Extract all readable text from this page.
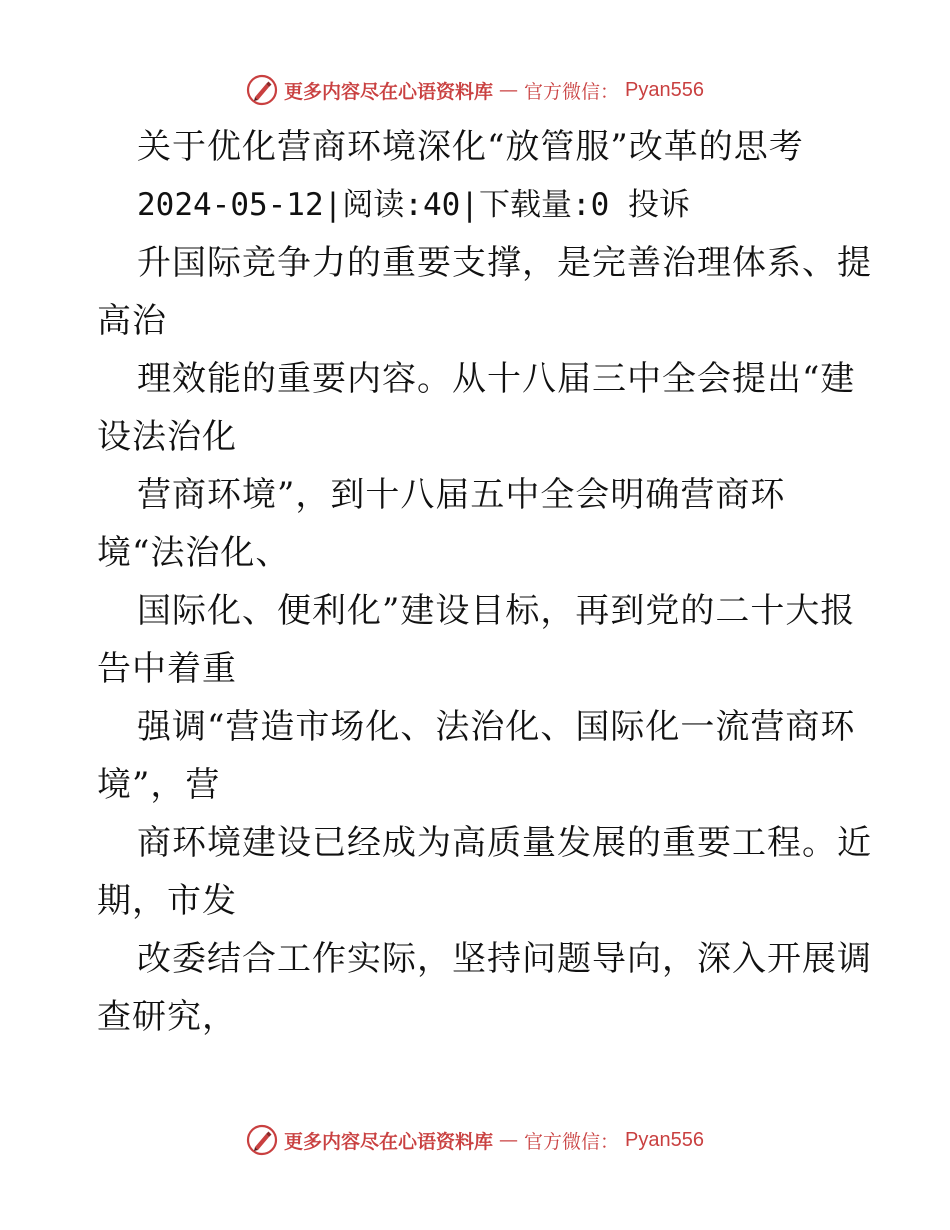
更多内容尽在心语资料库 — 官方微信： Pyan556
关于优化营商环境深化“放管服”改革的思考
2024-05-12|阅读:40|下载量:0 投诉
升国际竞争力的重要支撑，是完善治理体系、提
高治
理效能的重要内容。从十八届三中全会提出“建
设法治化
营商环境”，到十八届五中全会明确营商环
境“法治化、
国际化、便利化”建设目标，再到党的二十大报
告中着重
强调“营造市场化、法治化、国际化一流营商环
境”，营
商环境建设已经成为高质量发展的重要工程。近
期，市发
改委结合工作实际，坚持问题导向，深入开展调
查研究，
更多内容尽在心语资料库 — 官方微信： Pyan556
